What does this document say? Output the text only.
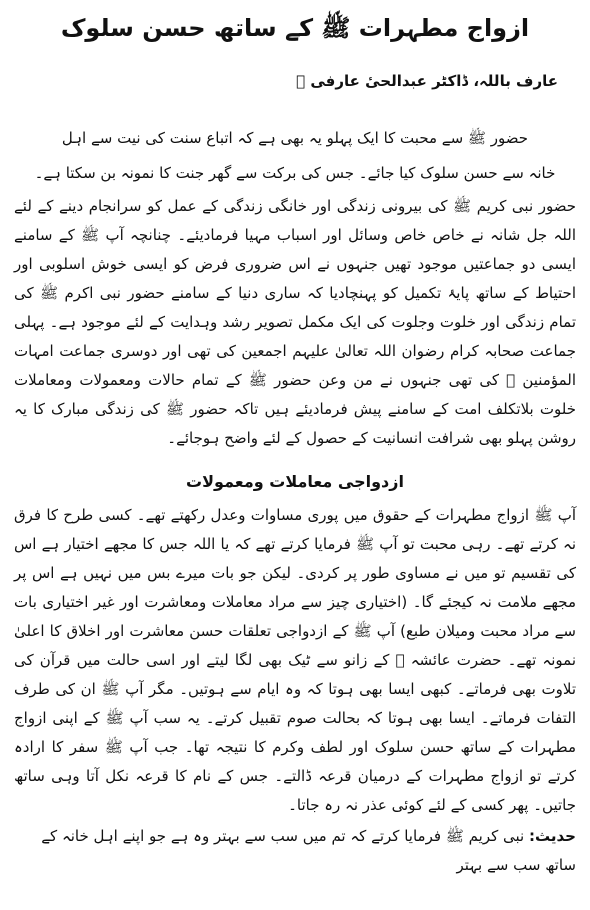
ازواج مطہرات ﷺ کے ساتھ حسن سلوک
عارف باللہ، ڈاکٹر عبدالحیٔ عارفی ﷫
حضور ﷺ سے محبت کا ایک پہلو یہ بھی ہے کہ اتباع سنت کی نیت سے اہل
خانہ سے حسن سلوک کیا جائے۔ جس کی برکت سے گھر جنت کا نمونہ بن سکتا ہے۔

حضور نبی کریم ﷺ کی بیرونی زندگی اور خانگی زندگی کے عمل کو سرانجام دینے کے لئے اللہ جل شانہ نے خاص خاص وسائل اور اسباب مہیا فرمادیئے۔ چنانچہ آپ ﷺ کے سامنے ایسی دو جماعتیں موجود تھیں جنہوں نے اس ضروری فرض کو ایسی خوش اسلوبی اور احتیاط کے ساتھ پایۂ تکمیل کو پہنچادیا کہ ساری دنیا کے سامنے حضور نبی اکرم ﷺ کی تمام زندگی اور خلوت وجلوت کی ایک مکمل تصویر رشد وہدایت کے لئے موجود ہے۔ پہلی جماعت صحابہ کرام رضوان اللہ تعالیٰ علیہم اجمعین کی تھی اور دوسری جماعت امہات المؤمنین ﷢ کی تھی جنہوں نے من وعن حضور ﷺ کے تمام حالات ومعمولات ومعاملات خلوت بلاتکلف امت کے سامنے پیش فرمادیئے ہیں تاکہ حضور ﷺ کی زندگی مبارک کا یہ روشن پہلو بھی شرافت انسانیت کے حصول کے لئے واضح ہوجائے۔

ازدواجی معاملات ومعمولات

آپ ﷺ ازواج مطہرات کے حقوق میں پوری مساوات وعدل رکھتے تھے۔ کسی طرح کا فرق نہ کرتے تھے۔ رہی محبت تو آپ ﷺ فرمایا کرتے تھے کہ یا اللہ جس کا مجھے اختیار ہے اس کی تقسیم تو میں نے مساوی طور پر کردی۔ لیکن جو بات میرے بس میں نہیں ہے اس پر مجھے ملامت نہ کیجئے گا۔ (اختیاری چیز سے مراد معاملات ومعاشرت اور غیر اختیاری بات سے مراد محبت ومیلان طبع) آپ ﷺ کے ازدواجی تعلقات حسن معاشرت اور اخلاق کا اعلیٰ نمونہ تھے۔ حضرت عائشہ ﷝ کے زانو سے ٹیک بھی لگا لیتے اور اسی حالت میں قرآن کی تلاوت بھی فرماتے۔ کبھی ایسا بھی ہوتا کہ وہ ایام سے ہوتیں۔ مگر آپ ﷺ ان کی طرف التفات فرماتے۔ ایسا بھی ہوتا کہ بحالت صوم تقبیل کرتے۔ یہ سب آپ ﷺ کے اپنی ازواج مطہرات کے ساتھ حسن سلوک اور لطف وکرم کا نتیجہ تھا۔ جب آپ ﷺ سفر کا ارادہ کرتے تو ازواج مطہرات کے درمیان قرعہ ڈالتے۔ جس کے نام کا قرعہ نکل آتا وہی ساتھ جاتیں۔ پھر کسی کے لئے کوئی عذر نہ رہ جاتا۔

حدیث: نبی کریم ﷺ فرمایا کرتے کہ تم میں سب سے بہتر وہ ہے جو اپنے اہل خانہ کے ساتھ سب سے بہتر
